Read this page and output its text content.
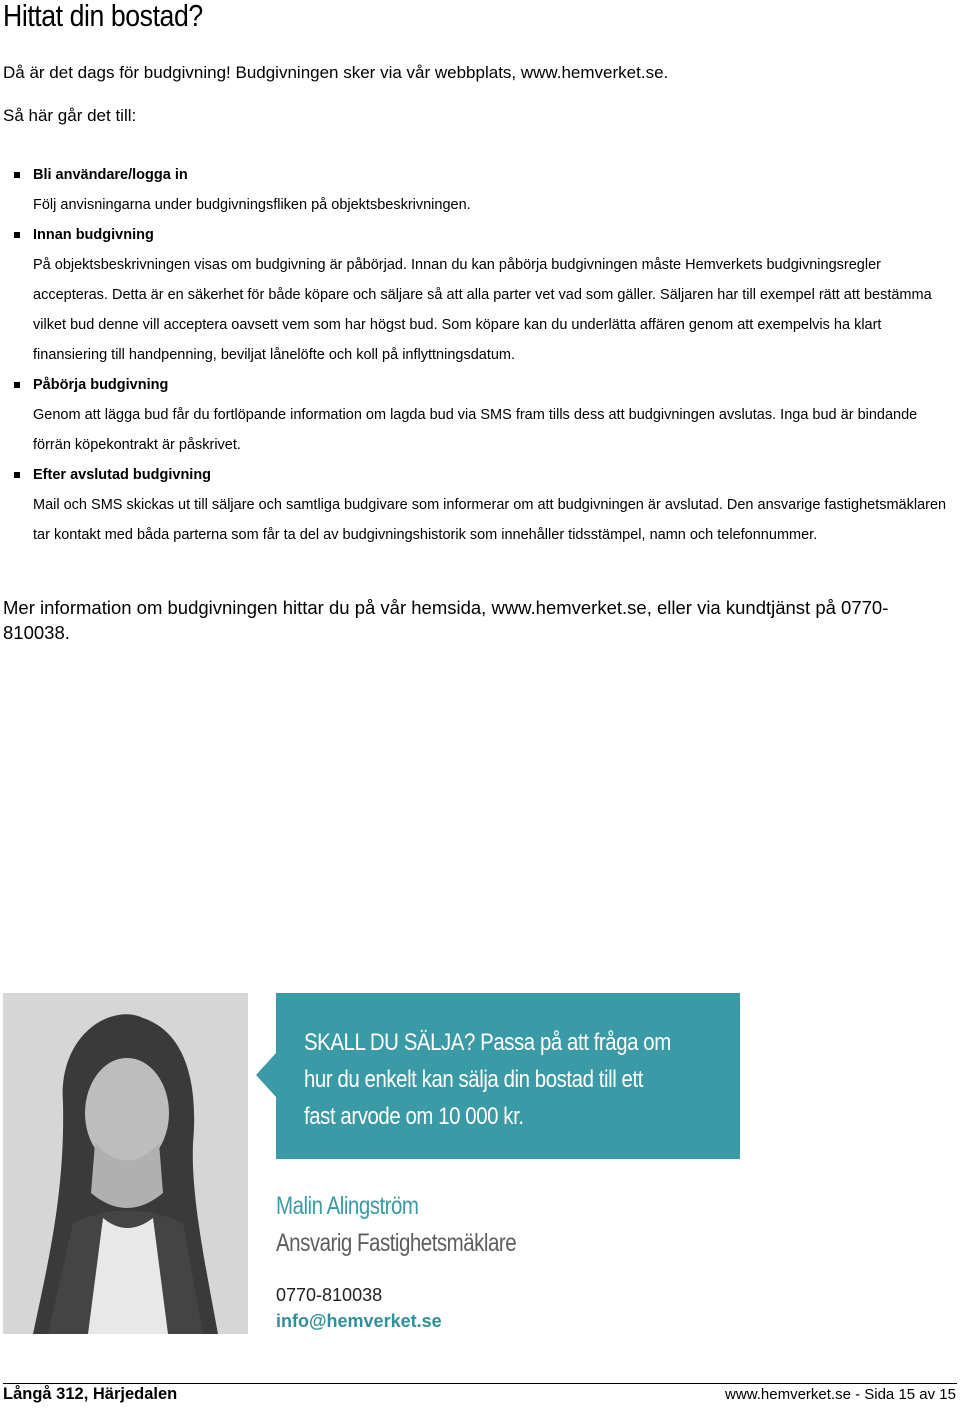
Hittat din bostad?

Då är det dags för budgivning! Budgivningen sker via vår webbplats, www.hemverket.se.

Så här går det till:

Bli användare/logga in

Följ anvisningarna under budgivningsfliken på objektsbeskrivningen.

Innan budgivning

På objektsbeskrivningen visas om budgivning är påbörjad. Innan du kan påbörja budgivningen måste Hemverkets budgivningsregler accepteras. Detta är en säkerhet för både köpare och säljare så att alla parter vet vad som gäller. Säljaren har till exempel rätt att bestämma vilket bud denne vill acceptera oavsett vem som har högst bud. Som köpare kan du underlätta affären genom att exempelvis ha klart finansiering till handpenning, beviljat lånelöfte och koll på inflyttningsdatum.

Påbörja budgivning

Genom att lägga bud får du fortlöpande information om lagda bud via SMS fram tills dess att budgivningen avslutas. Inga bud är bindande förrän köpekontrakt är påskrivet.

Efter avslutad budgivning

Mail och SMS skickas ut till säljare och samtliga budgivare som informerar om att budgivningen är avslutad. Den ansvarige fastighetsmäklaren tar kontakt med båda parterna som får ta del av budgivningshistorik som innehåller tidsstämpel, namn och telefonnummer.

Mer information om budgivningen hittar du på vår hemsida, www.hemverket.se, eller via kundtjänst på 0770-810038.

SKALL DU SÄLJA? Passa på att fråga om
hur du enkelt kan sälja din bostad till ett
fast arvode om 10 000 kr.
Malin Alingström
Ansvarig Fastighetsmäklare
0770-810038
info@hemverket.se
Långå 312, Härjedalen	www.hemverket.se - Sida 15 av 15
